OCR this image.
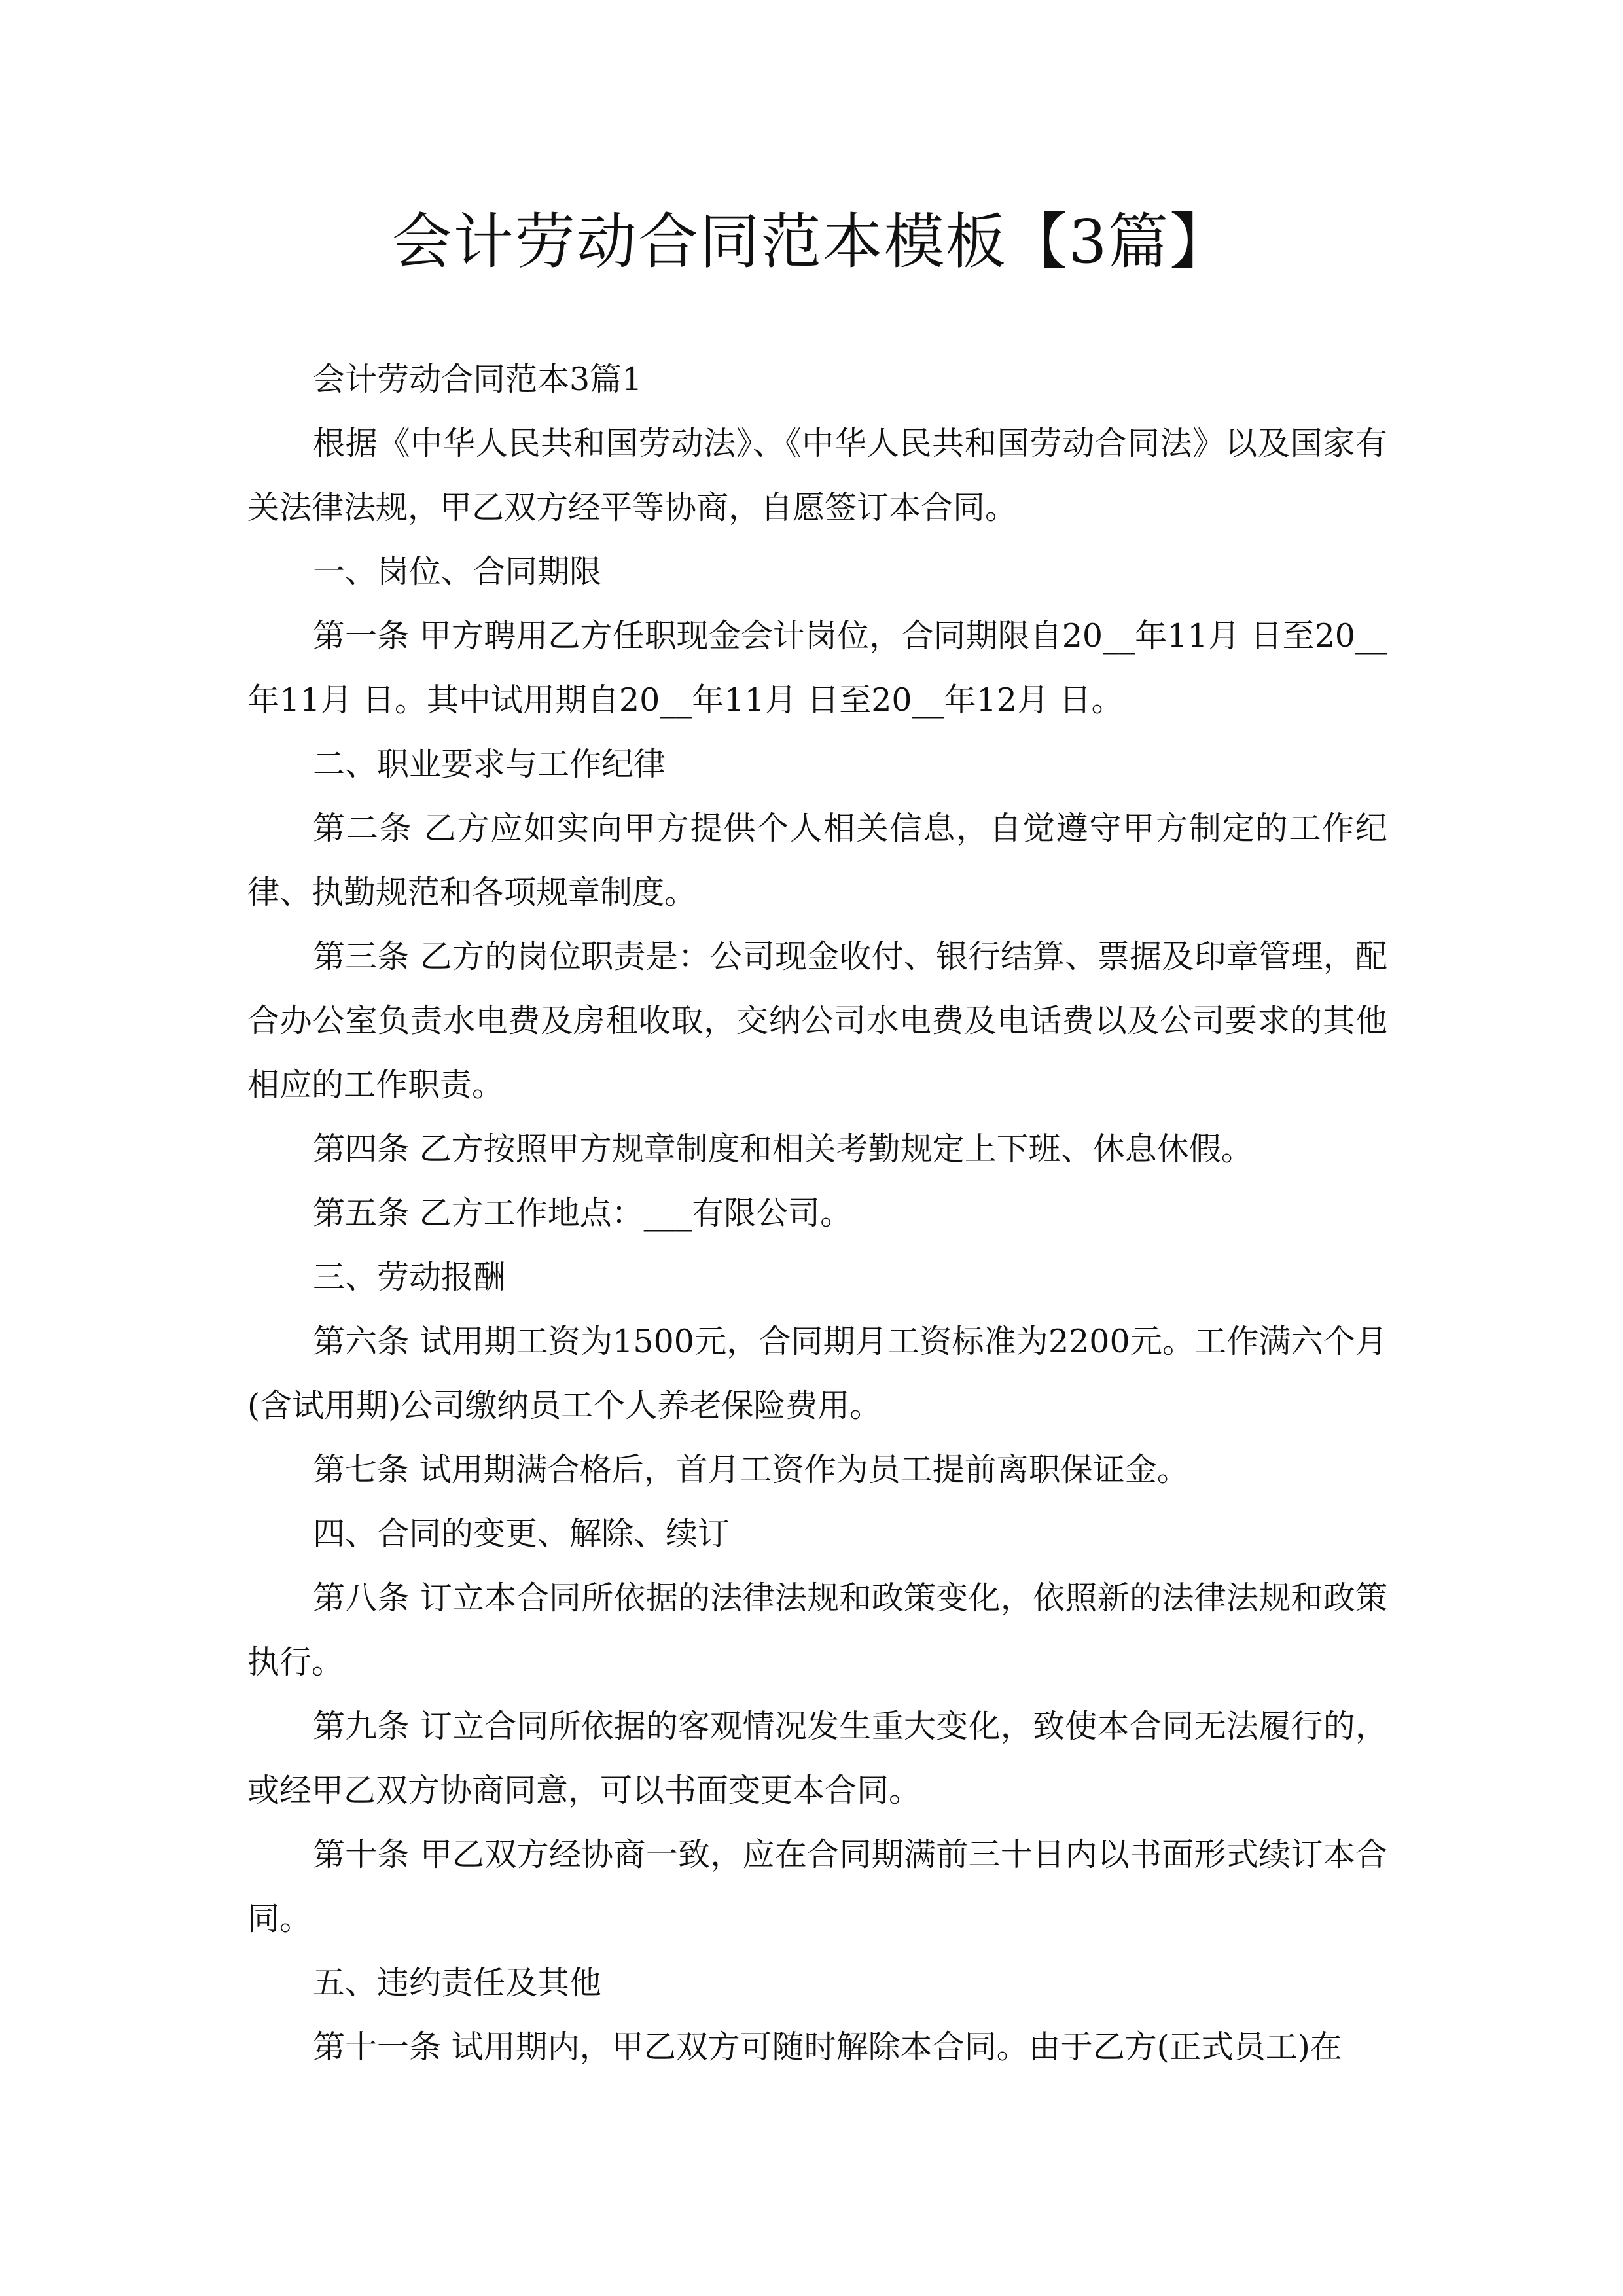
会计劳动合同范本模板【3篇】

会计劳动合同范本3篇1

根据《中华人民共和国劳动法》、《中华人民共和国劳动合同法》以及国家有关法律法规，甲乙双方经平等协商，自愿签订本合同。

一、岗位、合同期限

第一条 甲方聘用乙方任职现金会计岗位，合同期限自20__年11月 日至20__年11月 日。其中试用期自20__年11月 日至20__年12月 日。

二、职业要求与工作纪律

第二条 乙方应如实向甲方提供个人相关信息，自觉遵守甲方制定的工作纪律、执勤规范和各项规章制度。

第三条 乙方的岗位职责是：公司现金收付、银行结算、票据及印章管理，配合办公室负责水电费及房租收取，交纳公司水电费及电话费以及公司要求的其他相应的工作职责。

第四条 乙方按照甲方规章制度和相关考勤规定上下班、休息休假。

第五条 乙方工作地点：___有限公司。

三、劳动报酬

第六条 试用期工资为1500元，合同期月工资标准为2200元。工作满六个月(含试用期)公司缴纳员工个人养老保险费用。

第七条 试用期满合格后，首月工资作为员工提前离职保证金。

四、合同的变更、解除、续订

第八条 订立本合同所依据的法律法规和政策变化，依照新的法律法规和政策执行。

第九条 订立合同所依据的客观情况发生重大变化，致使本合同无法履行的，或经甲乙双方协商同意，可以书面变更本合同。

第十条 甲乙双方经协商一致，应在合同期满前三十日内以书面形式续订本合同。

五、违约责任及其他

第十一条 试用期内，甲乙双方可随时解除本合同。由于乙方(正式员工)在
